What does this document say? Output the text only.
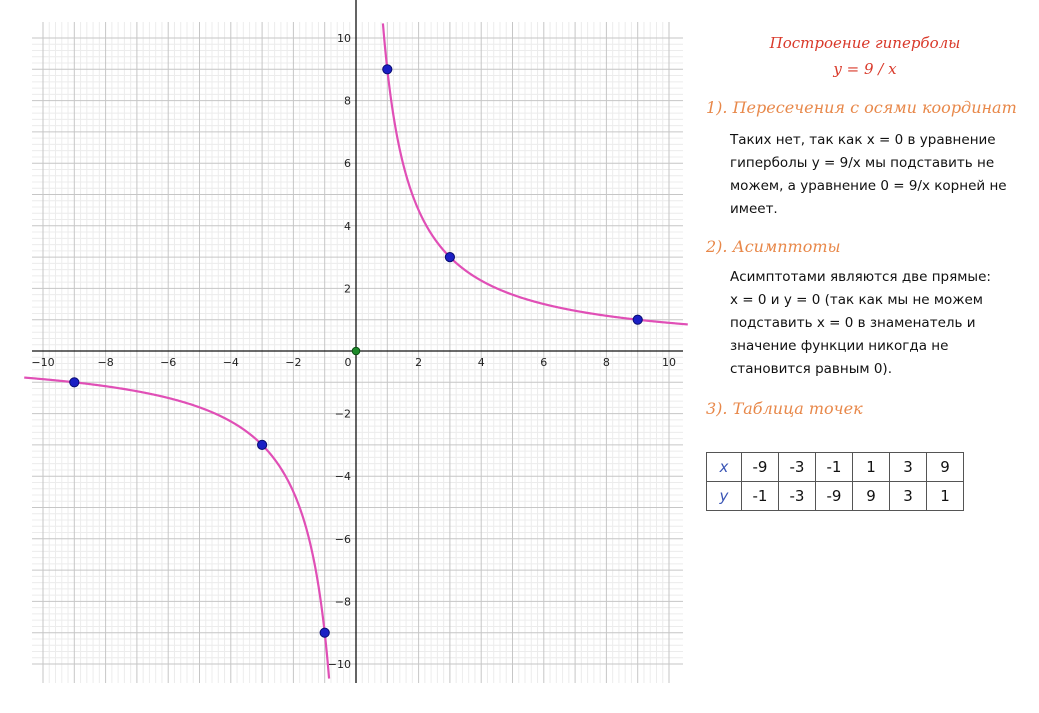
−10	−8	−6	−4	−2	0	2	4	6	8	10
10
8
6
4
2
−2
−4
−6
−8
−10
Построение гиперболы
y = 9 / x
1). Пересечения с осями координат
Таких нет, так как x = 0 в уравнение
гиперболы y = 9/x мы подставить не
можем, а уравнение 0 = 9/x корней не
имеет.
2). Асимптоты
Асимптотами являются две прямые:
x = 0 и y = 0 (так как мы не можем
подставить x = 0 в знаменатель и
значение функции никогда не
становится равным 0).
3). Таблица точек
x	-9	-3	-1	1	3	9
y	-1	-3	-9	9	3	1
